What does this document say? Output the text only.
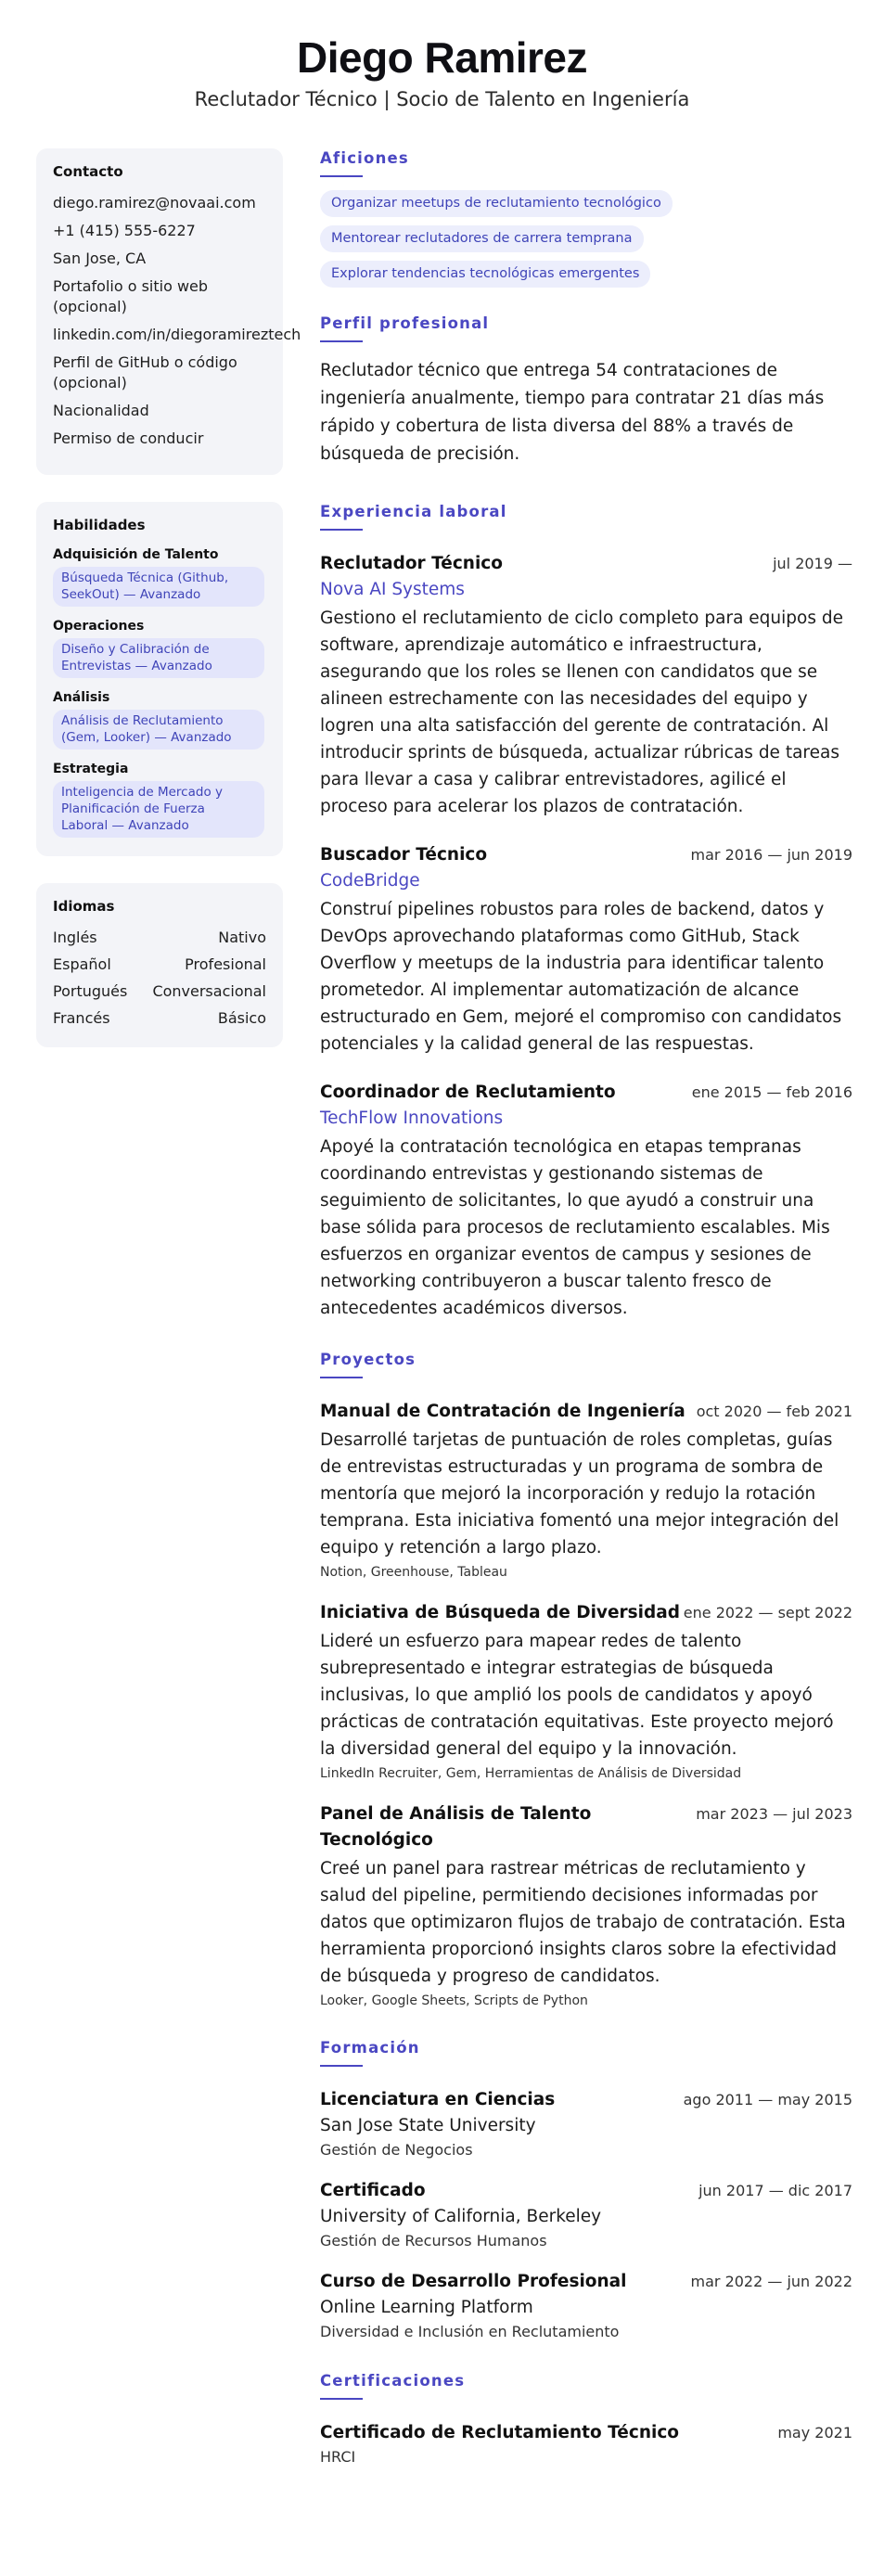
Diego Ramirez
Reclutador Técnico | Socio de Talento en Ingeniería
Contacto
diego.ramirez@novaai.com
+1 (415) 555-6227
San Jose, CA
Portafolio o sitio web (opcional)
linkedin.com/in/diegoramireztech
Perfil de GitHub o código (opcional)
Nacionalidad
Permiso de conducir
Habilidades
Adquisición de Talento
Búsqueda Técnica (Github, SeekOut) — Avanzado
Operaciones
Diseño y Calibración de Entrevistas — Avanzado
Análisis
Análisis de Reclutamiento (Gem, Looker) — Avanzado
Estrategia
Inteligencia de Mercado y Planificación de Fuerza Laboral — Avanzado
Idiomas
Inglés	Nativo
Español	Profesional
Portugués Conversacional
Francés	Básico
Aficiones
Organizar meetups de reclutamiento tecnológico
Mentorear reclutadores de carrera temprana
Explorar tendencias tecnológicas emergentes
Perfil profesional

Reclutador técnico que entrega 54 contrataciones de ingeniería anualmente, tiempo para contratar 21 días más rápido y cobertura de lista diversa del 88% a través de búsqueda de precisión.

Experiencia laboral
Reclutador Técnico	jul 2019 —
Nova AI Systems

Gestiono el reclutamiento de ciclo completo para equipos de software, aprendizaje automático e infraestructura, asegurando que los roles se llenen con candidatos que se alineen estrechamente con las necesidades del equipo y logren una alta satisfacción del gerente de contratación. Al introducir sprints de búsqueda, actualizar rúbricas de tareas para llevar a casa y calibrar entrevistadores, agilicé el proceso para acelerar los plazos de contratación.

Buscador Técnico	mar 2016 — jun 2019
CodeBridge

Construí pipelines robustos para roles de backend, datos y DevOps aprovechando plataformas como GitHub, Stack Overflow y meetups de la industria para identificar talento prometedor. Al implementar automatización de alcance estructurado en Gem, mejoré el compromiso con candidatos potenciales y la calidad general de las respuestas.

Coordinador de Reclutamiento	ene 2015 — feb 2016
TechFlow Innovations

Apoyé la contratación tecnológica en etapas tempranas coordinando entrevistas y gestionando sistemas de seguimiento de solicitantes, lo que ayudó a construir una base sólida para procesos de reclutamiento escalables. Mis esfuerzos en organizar eventos de campus y sesiones de networking contribuyeron a buscar talento fresco de antecedentes académicos diversos.

Proyectos
Manual de Contratación de Ingeniería oct 2020 — feb 2021

Desarrollé tarjetas de puntuación de roles completas, guías de entrevistas estructuradas y un programa de sombra de mentoría que mejoró la incorporación y redujo la rotación temprana. Esta iniciativa fomentó una mejor integración del equipo y retención a largo plazo.

Notion, Greenhouse, Tableau
Iniciativa de Búsqueda de Diversidad ene 2022 — sept 2022

Lideré un esfuerzo para mapear redes de talento subrepresentado e integrar estrategias de búsqueda inclusivas, lo que amplió los pools de candidatos y apoyó prácticas de contratación equitativas. Este proyecto mejoró la diversidad general del equipo y la innovación.

LinkedIn Recruiter, Gem, Herramientas de Análisis de Diversidad
Panel de Análisis de Talento Tecnológico
mar 2023 — jul 2023

Creé un panel para rastrear métricas de reclutamiento y salud del pipeline, permitiendo decisiones informadas por datos que optimizaron flujos de trabajo de contratación. Esta herramienta proporcionó insights claros sobre la efectividad de búsqueda y progreso de candidatos.

Looker, Google Sheets, Scripts de Python
Formación
Licenciatura en Ciencias	ago 2011 — may 2015
San Jose State University
Gestión de Negocios
Certificado	jun 2017 — dic 2017
University of California, Berkeley
Gestión de Recursos Humanos
Curso de Desarrollo Profesional	mar 2022 — jun 2022
Online Learning Platform
Diversidad e Inclusión en Reclutamiento
Certificaciones
Certificado de Reclutamiento Técnico	may 2021
HRCI
